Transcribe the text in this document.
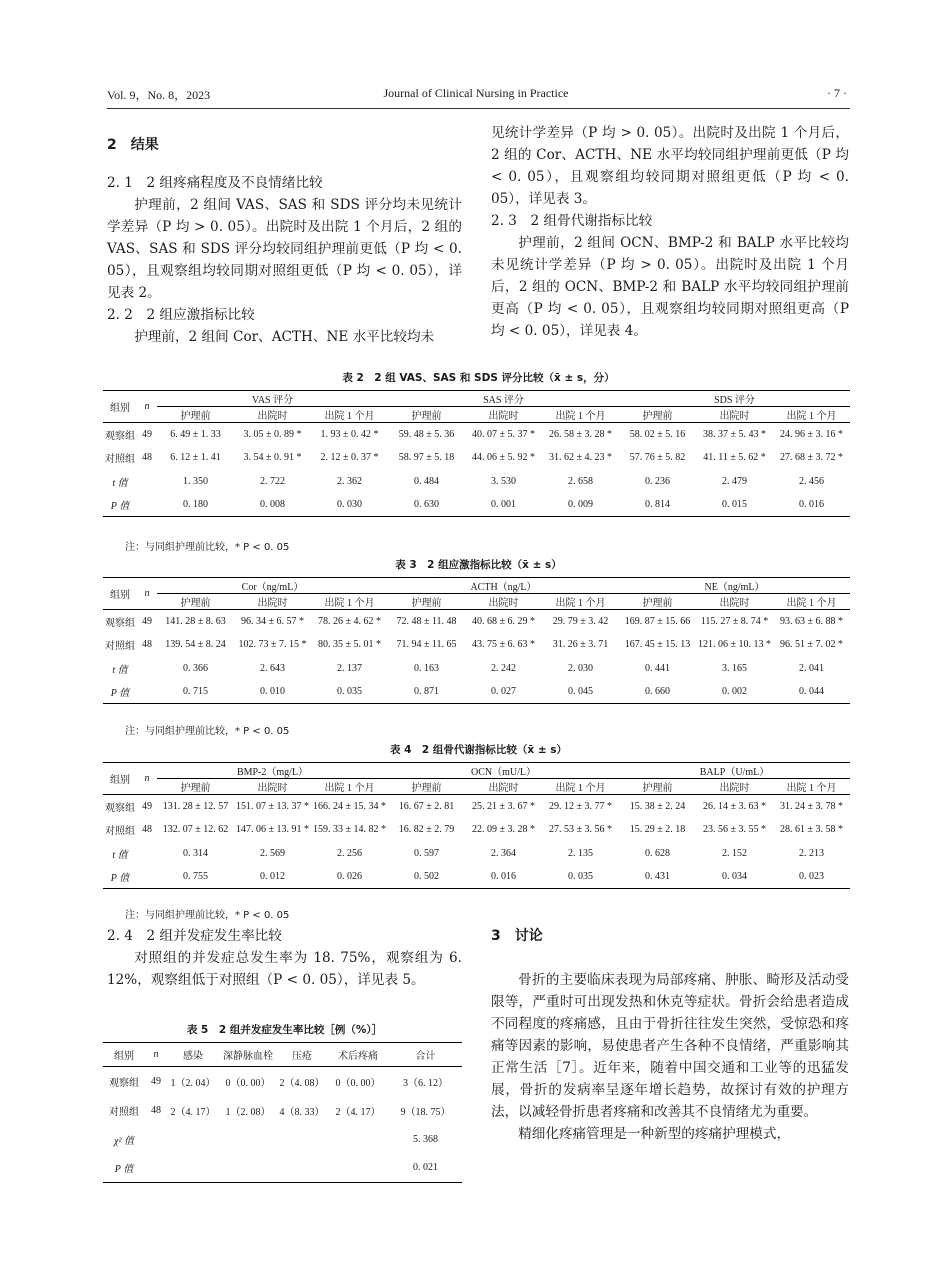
Vol. 9，No. 8，2023	Journal of Clinical Nursing in Practice	· 7 ·

2　结果

2. 1　2 组疼痛程度及不良情绪比较

护理前，2 组间 VAS、SAS 和 SDS 评分均未见统计学差异（P 均 > 0. 05）。出院时及出院 1 个月后，2 组的 VAS、SAS 和 SDS 评分均较同组护理前更低（P 均 < 0. 05），且观察组均较同期对照组更低（P 均 < 0. 05），详见表 2。

2. 2　2 组应激指标比较

护理前，2 组间 Cor、ACTH、NE 水平比较均未

见统计学差异（P 均 > 0. 05）。出院时及出院 1 个月后，2 组的 Cor、ACTH、NE 水平均较同组护理前更低（P 均 < 0. 05），且观察组均较同期对照组更低（P 均 < 0. 05），详见表 3。

2. 3　2 组骨代谢指标比较

护理前，2 组间 OCN、BMP-2 和 BALP 水平比较均未见统计学差异（P 均 > 0. 05）。出院时及出院 1 个月后，2 组的 OCN、BMP-2 和 BALP 水平均较同组护理前更高（P 均 < 0. 05），且观察组均较同期对照组更高（P 均 < 0. 05），详见表 4。

表 2　2 组 VAS、SAS 和 SDS 评分比较（x̄ ± s，分）
组别	n	VAS 评分			SAS 评分			SDS 评分		
		护理前	出院时	出院 1 个月	护理前	出院时	出院 1 个月	护理前	出院时	出院 1 个月
观察组	49	6. 49 ± 1. 33	3. 05 ± 0. 89 *	1. 93 ± 0. 42 *	59. 48 ± 5. 36	40. 07 ± 5. 37 *	26. 58 ± 3. 28 *	58. 02 ± 5. 16	38. 37 ± 5. 43 *	24. 96 ± 3. 16 *
对照组	48	6. 12 ± 1. 41	3. 54 ± 0. 91 *	2. 12 ± 0. 37 *	58. 97 ± 5. 18	44. 06 ± 5. 92 *	31. 62 ± 4. 23 *	57. 76 ± 5. 82	41. 11 ± 5. 62 *	27. 68 ± 3. 72 *
t 值		1. 350	2. 722	2. 362	0. 484	3. 530	2. 658	0. 236	2. 479	2. 456
P 值		0. 180	0. 008	0. 030	0. 630	0. 001	0. 009	0. 814	0. 015	0. 016
注：与同组护理前比较，* P < 0. 05
表 3　2 组应激指标比较（x̄ ± s）
组别	n	Cor（ng/mL）			ACTH（ng/L）			NE（ng/mL）		
		护理前	出院时	出院 1 个月	护理前	出院时	出院 1 个月	护理前	出院时	出院 1 个月
观察组	49	141. 28 ± 8. 63	96. 34 ± 6. 57 *	78. 26 ± 4. 62 *	72. 48 ± 11. 48	40. 68 ± 6. 29 *	29. 79 ± 3. 42	169. 87 ± 15. 66	115. 27 ± 8. 74 *	93. 63 ± 6. 88 *
对照组	48	139. 54 ± 8. 24	102. 73 ± 7. 15 *	80. 35 ± 5. 01 *	71. 94 ± 11. 65	43. 75 ± 6. 63 *	31. 26 ± 3. 71	167. 45 ± 15. 13	121. 06 ± 10. 13 *	96. 51 ± 7. 02 *
t 值		0. 366	2. 643	2. 137	0. 163	2. 242	2. 030	0. 441	3. 165	2. 041
P 值		0. 715	0. 010	0. 035	0. 871	0. 027	0. 045	0. 660	0. 002	0. 044
注：与同组护理前比较，* P < 0. 05
表 4　2 组骨代谢指标比较（x̄ ± s）
组别	n	BMP-2（mg/L）			OCN（mU/L）			BALP（U/mL）		
		护理前	出院时	出院 1 个月	护理前	出院时	出院 1 个月	护理前	出院时	出院 1 个月
观察组	49	131. 28 ± 12. 57	151. 07 ± 13. 37 *	166. 24 ± 15. 34 *	16. 67 ± 2. 81	25. 21 ± 3. 67 *	29. 12 ± 3. 77 *	15. 38 ± 2. 24	26. 14 ± 3. 63 *	31. 24 ± 3. 78 *
对照组	48	132. 07 ± 12. 62	147. 06 ± 13. 91 *	159. 33 ± 14. 82 *	16. 82 ± 2. 79	22. 09 ± 3. 28 *	27. 53 ± 3. 56 *	15. 29 ± 2. 18	23. 56 ± 3. 55 *	28. 61 ± 3. 58 *
t 值		0. 314	2. 569	2. 256	0. 597	2. 364	2. 135	0. 628	2. 152	2. 213
P 值		0. 755	0. 012	0. 026	0. 502	0. 016	0. 035	0. 431	0. 034	0. 023
注：与同组护理前比较，* P < 0. 05

2. 4　2 组并发症发生率比较

对照组的并发症总发生率为 18. 75%，观察组为 6. 12%，观察组低于对照组（P < 0. 05），详见表 5。

表 5　2 组并发症发生率比较［例（%）］
组别	n	感染	深静脉血栓	压疮	术后疼痛	合计
观察组	49	1（2. 04）	0（0. 00）	2（4. 08）	0（0. 00）	3（6. 12）
对照组	48	2（4. 17）	1（2. 08）	4（8. 33）	2（4. 17）	9（18. 75）
χ² 值						5. 368
P 值						0. 021

3　讨论

骨折的主要临床表现为局部疼痛、肿胀、畸形及活动受限等，严重时可出现发热和休克等症状。骨折会给患者造成不同程度的疼痛感，且由于骨折往往发生突然，受惊恐和疼痛等因素的影响，易使患者产生各种不良情绪，严重影响其正常生活［7］。近年来，随着中国交通和工业等的迅猛发展，骨折的发病率呈逐年增长趋势，故探讨有效的护理方法，以减轻骨折患者疼痛和改善其不良情绪尤为重要。

精细化疼痛管理是一种新型的疼痛护理模式，
